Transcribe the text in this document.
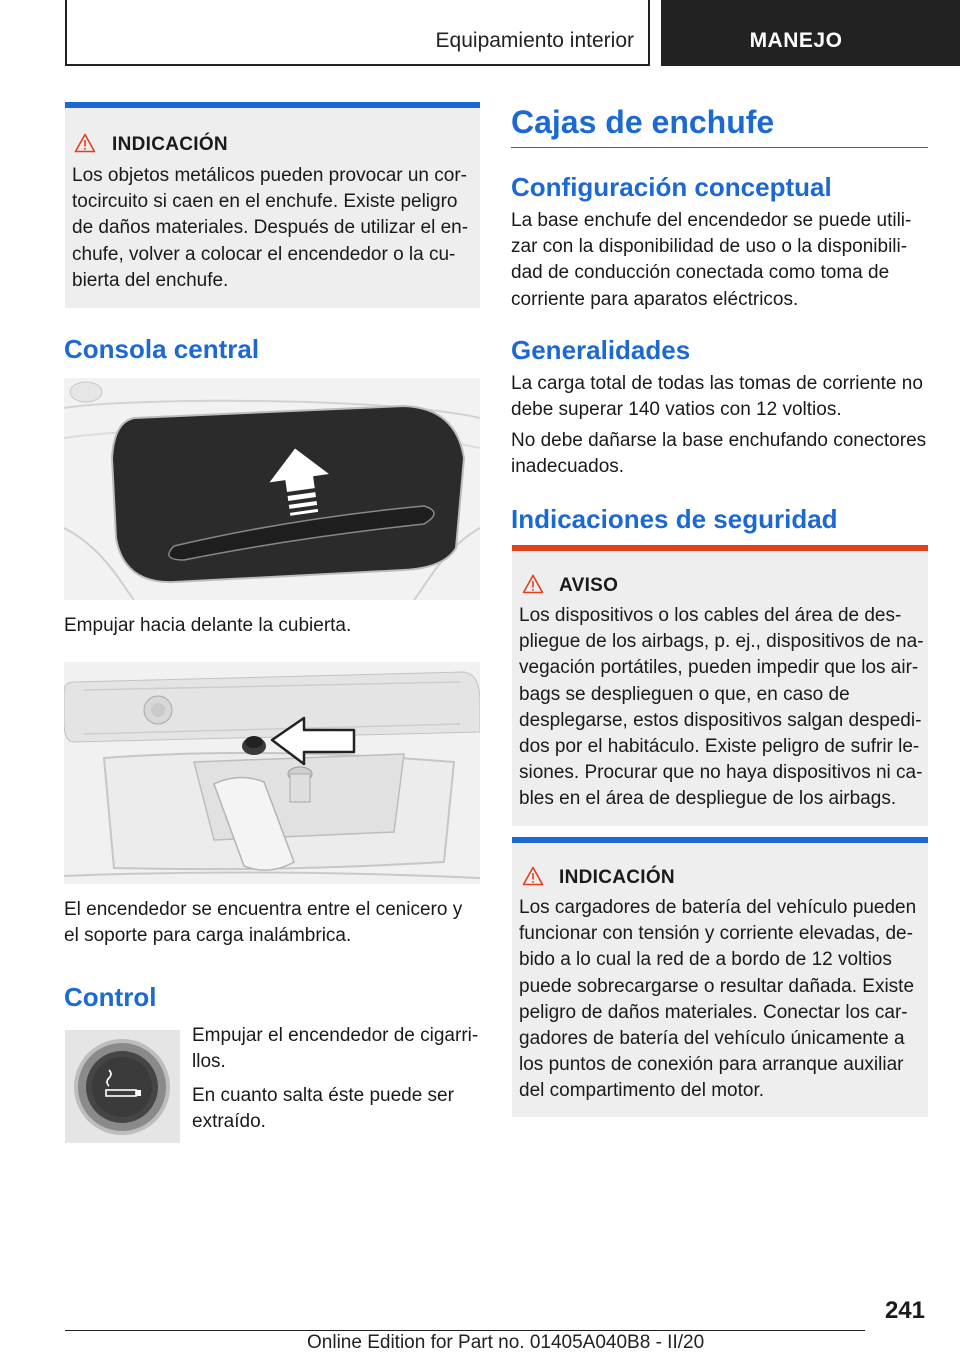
Equipamiento interior	MANEJO
INDICACIÓN
Los objetos metálicos pueden provocar un cor-
tocircuito si caen en el enchufe. Existe peligro
de daños materiales. Después de utilizar el en-
chufe, volver a colocar el encendedor o la cu-
bierta del enchufe.
Consola central
Empujar hacia delante la cubierta.
El encendedor se encuentra entre el cenicero y
el soporte para carga inalámbrica.
Control
Empujar el encendedor de cigarri-
llos.
En cuanto salta éste puede ser
extraído.
Cajas de enchufe
Configuración conceptual
La base enchufe del encendedor se puede utili-
zar con la disponibilidad de uso o la disponibili-
dad de conducción conectada como toma de
corriente para aparatos eléctricos.
Generalidades
La carga total de todas las tomas de corriente no
debe superar 140 vatios con 12 voltios.
No debe dañarse la base enchufando conectores
inadecuados.
Indicaciones de seguridad
AVISO
Los dispositivos o los cables del área de des-
pliegue de los airbags, p. ej., dispositivos de na-
vegación portátiles, pueden impedir que los air-
bags se desplieguen o que, en caso de
desplegarse, estos dispositivos salgan despedi-
dos por el habitáculo. Existe peligro de sufrir le-
siones. Procurar que no haya dispositivos ni ca-
bles en el área de despliegue de los airbags.
INDICACIÓN
Los cargadores de batería del vehículo pueden
funcionar con tensión y corriente elevadas, de-
bido a lo cual la red de a bordo de 12 voltios
puede sobrecargarse o resultar dañada. Existe
peligro de daños materiales. Conectar los car-
gadores de batería del vehículo únicamente a
los puntos de conexión para arranque auxiliar
del compartimento del motor.
241
Online Edition for Part no. 01405A040B8 - II/20
